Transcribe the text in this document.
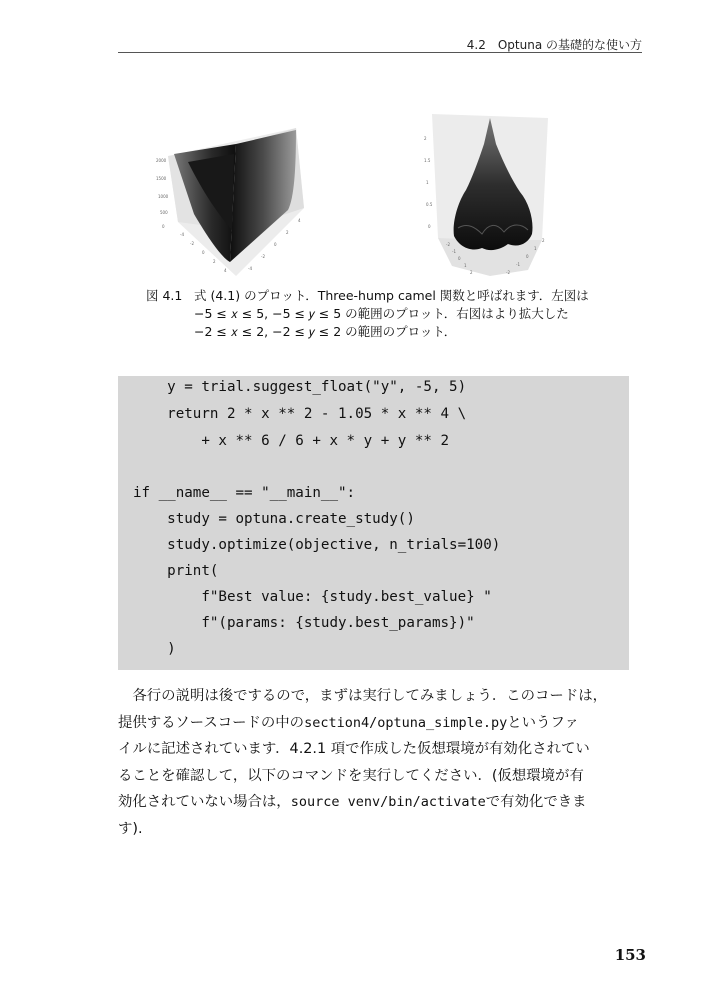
4.2　Optuna の基礎的な使い方
2000
1500
1000
500
0
-4
-2
0
2
4	-4
-2
0
2
4
2
1.5
1
0.5
0
-2
-1
0
1
2	-2
-1
0
1
2
図 4.1 式 (4.1) のプロット．Three-hump camel 関数と呼ばれます．左図は
−5 ≤ 𝑥 ≤ 5, −5 ≤ 𝑦 ≤ 5 の範囲のプロット．右図はより拡大した
−2 ≤ 𝑥 ≤ 2, −2 ≤ 𝑦 ≤ 2 の範囲のプロット．
y = trial.suggest_float("y", -5, 5)
return 2 * x ** 2 - 1.05 * x ** 4 \
+ x ** 6 / 6 + x * y + y ** 2
if __name__ == "__main__":
study = optuna.create_study()
study.optimize(objective, n_trials=100)
print(
f"Best value: {study.best_value} "
f"(params: {study.best_params})"
)
　各行の説明は後でするので，まずは実行してみましょう．このコードは，
提供するソースコードの中のsection4/optuna_simple.pyというファ
イルに記述されています．4.2.1 項で作成した仮想環境が有効化されてい
ることを確認して，以下のコマンドを実行してください．(仮想環境が有
効化されていない場合は，source venv/bin/activateで有効化できま
す).
153
